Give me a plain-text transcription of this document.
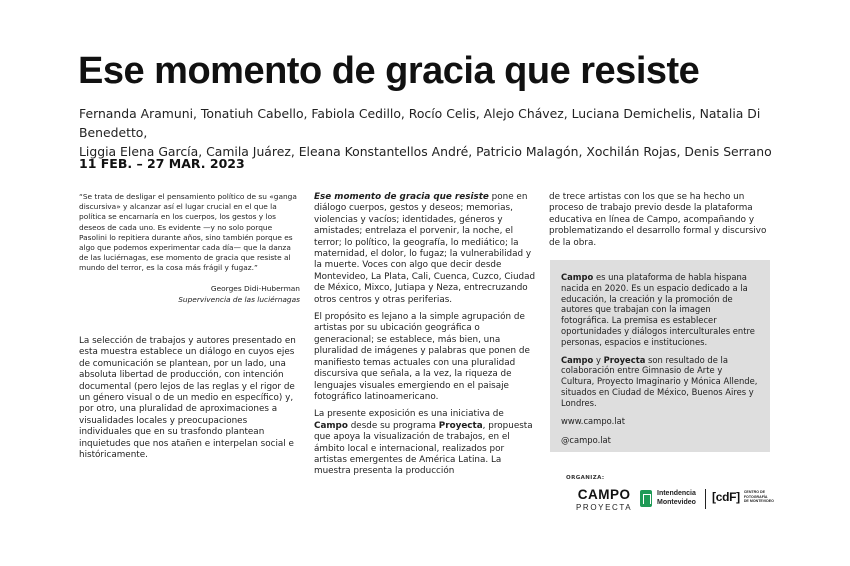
Ese momento de gracia que resiste
Fernanda Aramuni, Tonatiuh Cabello, Fabiola Cedillo, Rocío Celis, Alejo Chávez, Luciana Demichelis, Natalia Di Benedetto,
Liggia Elena García, Camila Juárez, Eleana Konstantellos André, Patricio Malagón, Xochilán Rojas, Denis Serrano
11 FEB. – 27 MAR. 2023
“Se trata de desligar el pensamiento político de su «ganga discursiva» y alcanzar así el lugar crucial en el que la política se encarnaría en los cuerpos, los gestos y los deseos de cada uno. Es evidente —y no solo porque Pasolini lo repitiera durante años, sino también porque es algo que podemos experimentar cada día— que la danza de las luciérnagas, ese momento de gracia que resiste al mundo del terror, es la cosa más frágil y fugaz.”
Georges Didi-Huberman
Supervivencia de las luciérnagas

La selección de trabajos y autores presentado en esta muestra establece un diálogo en cuyos ejes de comunicación se plantean, por un lado, una absoluta libertad de producción, con intención documental (pero lejos de las reglas y el rigor de un género visual o de un medio en específico) y, por otro, una pluralidad de aproximaciones a visualidades locales y preocupaciones individuales que en su trasfondo plantean inquietudes que nos atañen e interpelan social e históricamente.

Ese momento de gracia que resiste pone en diálogo cuerpos, gestos y deseos; memorias, violencias y vacíos; identidades, géneros y amistades; entrelaza el porvenir, la noche, el terror; lo político, la geografía, lo mediático; la maternidad, el dolor, lo fugaz; la vulnerabilidad y la muerte. Voces con algo que decir desde Montevideo, La Plata, Cali, Cuenca, Cuzco, Ciudad de México, Mixco, Jutiapa y Neza, entrecruzando otros centros y otras periferias.

El propósito es lejano a la simple agrupación de artistas por su ubicación geográfica o generacional; se establece, más bien, una pluralidad de imágenes y palabras que ponen de manifiesto temas actuales con una pluralidad discursiva que señala, a la vez, la riqueza de lenguajes visuales emergiendo en el paisaje fotográfico latinoamericano.

La presente exposición es una iniciativa de Campo desde su programa Proyecta, propuesta que apoya la visualización de trabajos, en el ámbito local e internacional, realizados por artistas emergentes de América Latina. La muestra presenta la producción

de trece artistas con los que se ha hecho un proceso de trabajo previo desde la plataforma educativa en línea de Campo, acompañando y problematizando el desarrollo formal y discursivo de la obra.

Campo es una plataforma de habla hispana nacida en 2020. Es un espacio dedicado a la educación, la creación y la promoción de autores que trabajan con la imagen fotográfica. La premisa es establecer oportunidades y diálogos interculturales entre personas, espacios e instituciones.

Campo y Proyecta son resultado de la colaboración entre Gimnasio de Arte y Cultura, Proyecto Imaginario y Mónica Allende, situados en Ciudad de México, Buenos Aires y Londres.

www.campo.lat

@campo.lat

ORGANIZA:
CAMPO
PROYECTA
Intendencia
Montevideo [cdF] CENTRO DE
FOTOGRAFÍA
DE MONTEVIDEO
